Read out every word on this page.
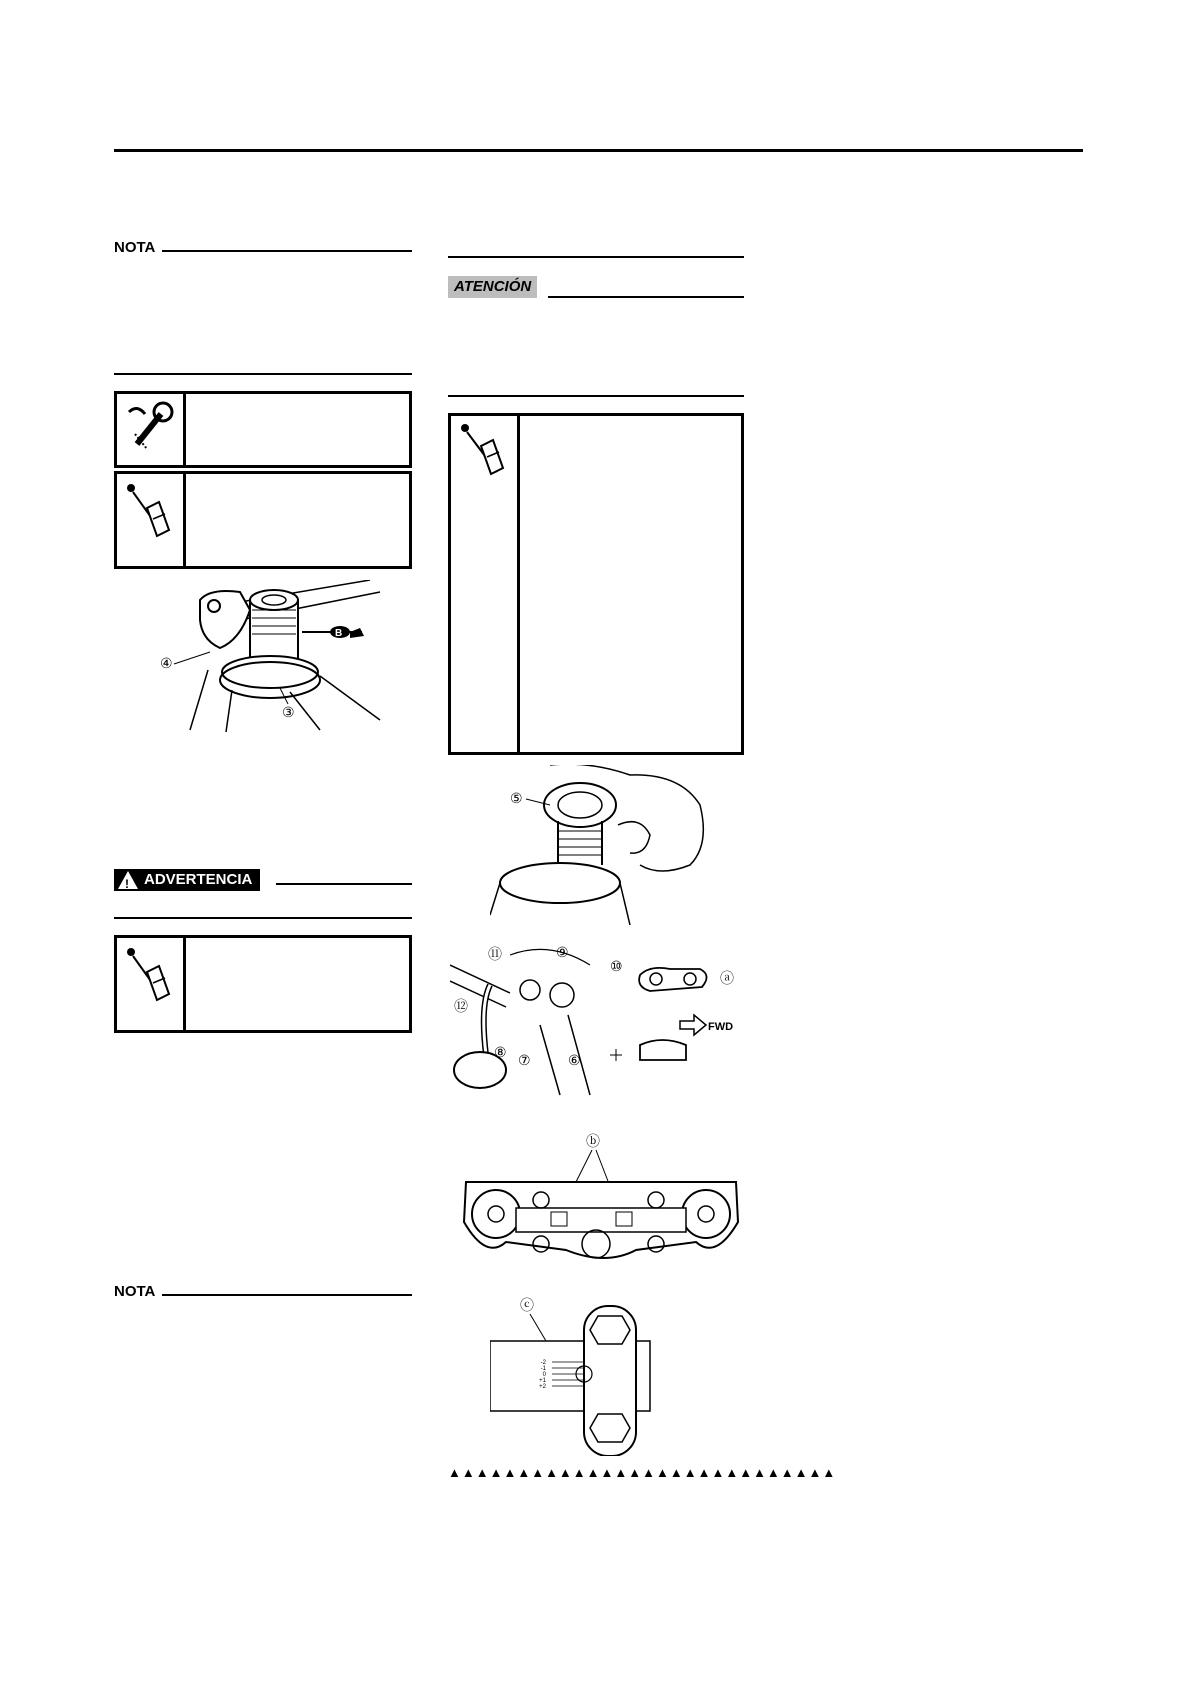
NOTA
B
④
③
! ADVERTENCIA
NOTA
ATENCIÓN
⑤
⑪	⑨
⑫
⑧ ⑦	⑥
⑩
ⓐ
FWD
ⓑ
ⓒ
-2
-1
0
+1
+2
▲▲▲▲▲▲▲▲▲▲▲▲▲▲▲▲▲▲▲▲▲▲▲▲▲▲▲▲
